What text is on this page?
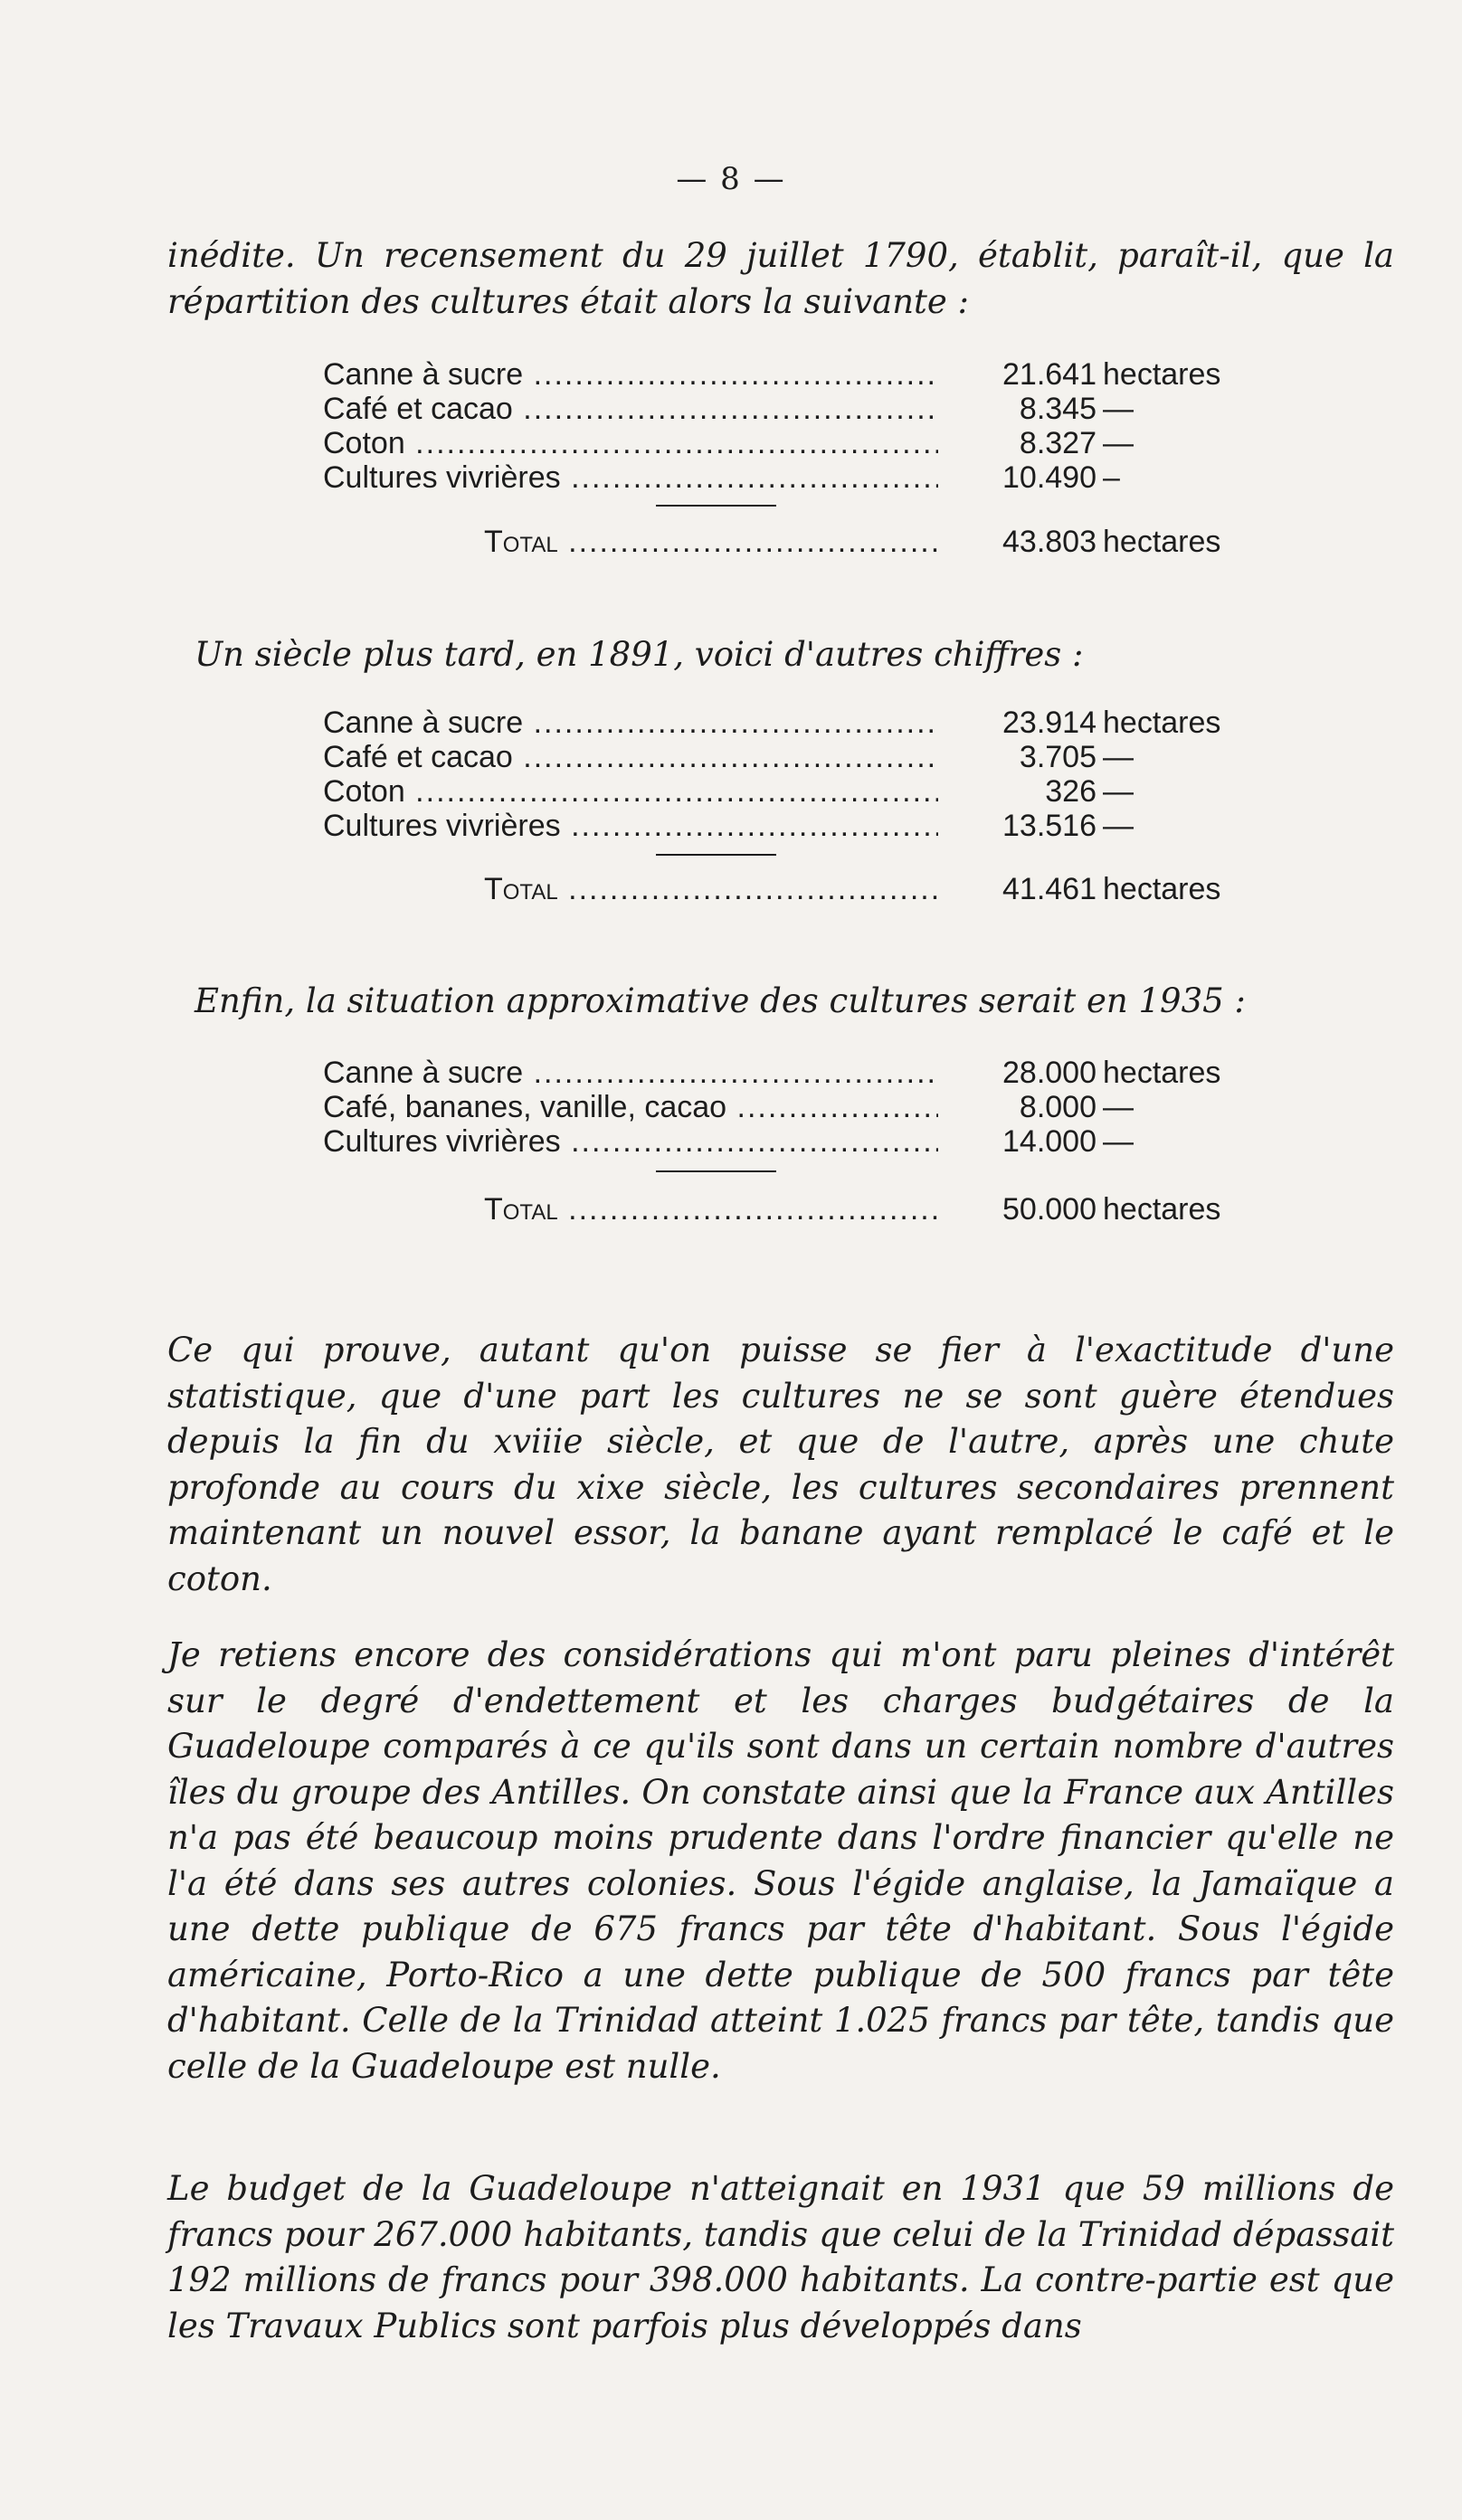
— 8 —
inédite. Un recensement du 29 juillet 1790, établit, paraît-il, que la répartition des cultures était alors la suivante :
Canne à sucre .....	21.641 hectares
Café et cacao .....	8.345 —
Coton .....	8.327 —
Cultures vivrières .....	10.490 –
Total .....	43.803 hectares
Un siècle plus tard, en 1891, voici d'autres chiffres :
Canne à sucre .....	23.914 hectares
Café et cacao .....	3.705 —
Coton .....	326 —
Cultures vivrières .....	13.516 —
Total .....	41.461 hectares
Enfin, la situation approximative des cultures serait en 1935 :
Canne à sucre .....	28.000 hectares
Café, bananes, vanille, cacao .....	8.000 —
Cultures vivrières .....	14.000 —
Total .....	50.000 hectares
Ce qui prouve, autant qu'on puisse se fier à l'exactitude d'une statistique, que d'une part les cultures ne se sont guère étendues depuis la fin du xviiie siècle, et que de l'autre, après une chute profonde au cours du xixe siècle, les cultures secondaires prennent maintenant un nouvel essor, la banane ayant remplacé le café et le coton.
Je retiens encore des considérations qui m'ont paru pleines d'intérêt sur le degré d'endettement et les charges budgétaires de la Guadeloupe comparés à ce qu'ils sont dans un certain nombre d'autres îles du groupe des Antilles. On constate ainsi que la France aux Antilles n'a pas été beaucoup moins prudente dans l'ordre financier qu'elle ne l'a été dans ses autres colonies. Sous l'égide anglaise, la Jamaïque a une dette publique de 675 francs par tête d'habitant. Sous l'égide américaine, Porto-Rico a une dette publique de 500 francs par tête d'habitant. Celle de la Trinidad atteint 1.025 francs par tête, tandis que celle de la Guadeloupe est nulle.
Le budget de la Guadeloupe n'atteignait en 1931 que 59 millions de francs pour 267.000 habitants, tandis que celui de la Trinidad dépassait 192 millions de francs pour 398.000 habitants. La contre-partie est que les Travaux Publics sont parfois plus développés dans
